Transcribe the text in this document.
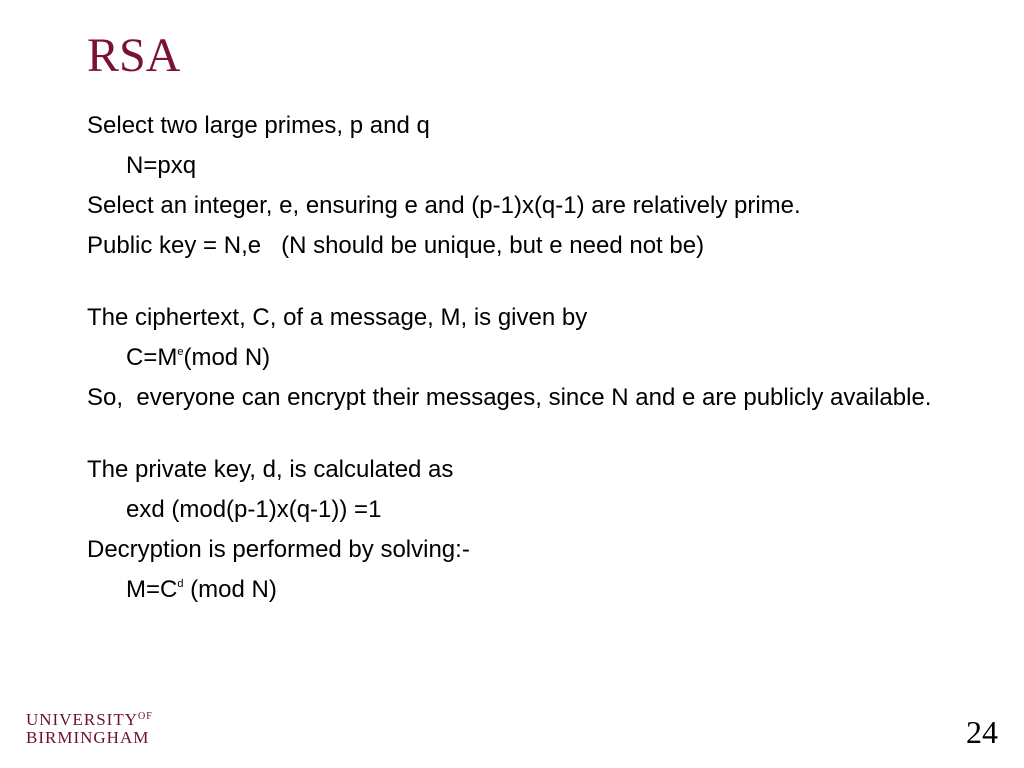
RSA

Select two large primes, p and q

N=pxq

Select an integer, e, ensuring e and (p-1)x(q-1) are relatively prime.

Public key = N,e   (N should be unique, but e need not be)

The ciphertext, C, of a message, M, is given by

$C=M^e(mod$ N)

So,  everyone can encrypt their messages, since N and e are publicly available.

The private key, d, is calculated as

exd (mod(p-1)x(q-1)) =1

Decryption is performed by solving:-

$M=C^d$ (mod N)

$UNIVERSITY^{OF}$
BIRMINGHAM	24
